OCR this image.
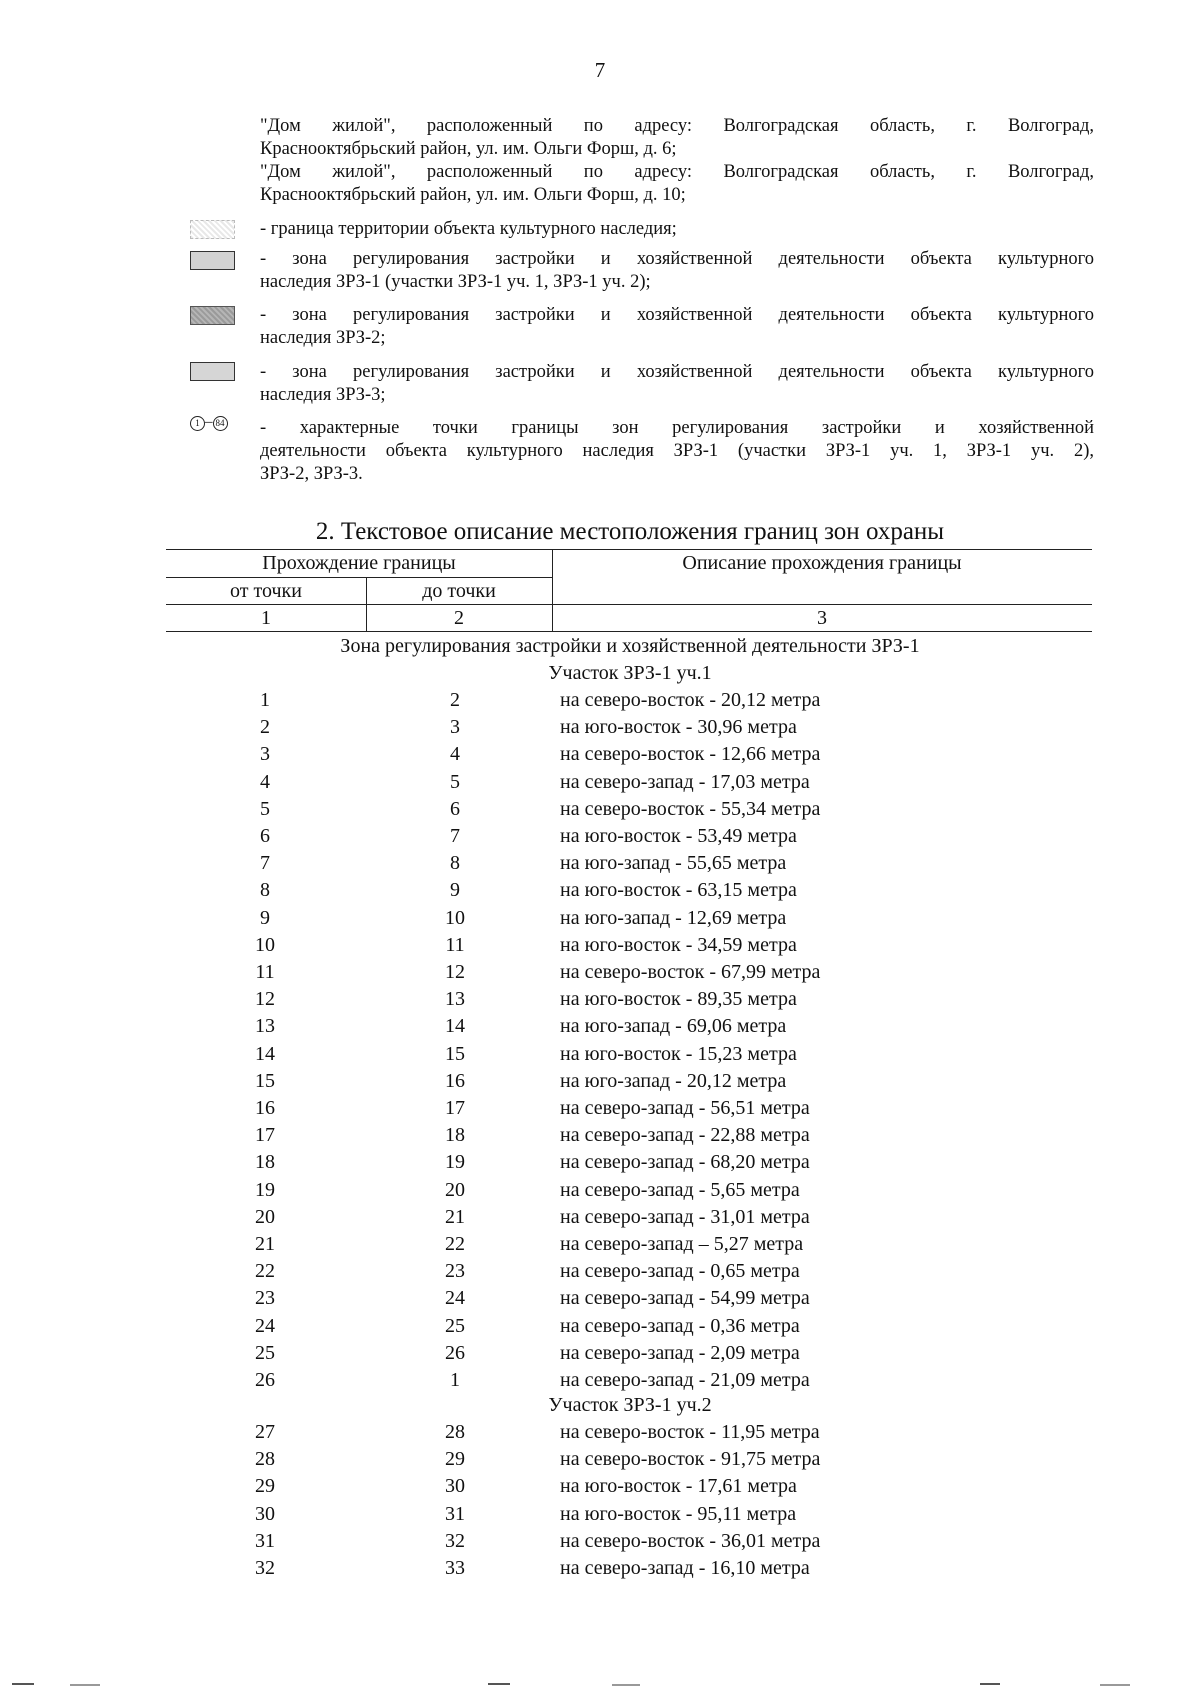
7
"Дом жилой", расположенный по адресу: Волгоградская область, г. Волгоград,
Краснооктябрьский район, ул. им. Ольги Форш, д. 6;
"Дом жилой", расположенный по адресу: Волгоградская область, г. Волгоград,
Краснооктябрьский район, ул. им. Ольги Форш, д. 10;
- граница территории объекта культурного наследия;
- зона регулирования застройки и хозяйственной деятельности объекта культурного
наследия ЗРЗ-1 (участки ЗРЗ-1 уч. 1, ЗРЗ-1 уч. 2);
- зона регулирования застройки и хозяйственной деятельности объекта культурного
наследия ЗРЗ-2;
- зона регулирования застройки и хозяйственной деятельности объекта культурного
наследия ЗРЗ-3;
1 – 84 - характерные точки границы зон регулирования застройки и хозяйственной
деятельности объекта культурного наследия ЗРЗ-1 (участки ЗРЗ-1 уч. 1, ЗРЗ-1 уч. 2),
ЗРЗ-2, ЗРЗ-3.
2. Текстовое описание местоположения границ зон охраны
Прохождение границы	Описание прохождения границы
от точки	до точки
1	2	3
Зона регулирования застройки и хозяйственной деятельности ЗРЗ-1
Участок ЗРЗ-1 уч.1
1	2	на северо-восток - 20,12 метра
2	3	на юго-восток - 30,96 метра
3	4	на северо-восток - 12,66 метра
4	5	на северо-запад - 17,03 метра
5	6	на северо-восток - 55,34 метра
6	7	на юго-восток - 53,49 метра
7	8	на юго-запад - 55,65 метра
8	9	на юго-восток - 63,15 метра
9	10	на юго-запад - 12,69 метра
10	11	на юго-восток - 34,59 метра
11	12	на северо-восток - 67,99 метра
12	13	на юго-восток - 89,35 метра
13	14	на юго-запад - 69,06 метра
14	15	на юго-восток - 15,23 метра
15	16	на юго-запад - 20,12 метра
16	17	на северо-запад - 56,51 метра
17	18	на северо-запад - 22,88 метра
18	19	на северо-запад - 68,20 метра
19	20	на северо-запад - 5,65 метра
20	21	на северо-запад - 31,01 метра
21	22	на северо-запад – 5,27 метра
22	23	на северо-запад - 0,65 метра
23	24	на северо-запад - 54,99 метра
24	25	на северо-запад - 0,36 метра
25	26	на северо-запад - 2,09 метра
26	1	на северо-запад - 21,09 метра
Участок ЗРЗ-1 уч.2
27	28	на северо-восток - 11,95 метра
28	29	на северо-восток - 91,75 метра
29	30	на юго-восток - 17,61 метра
30	31	на юго-восток - 95,11 метра
31	32	на северо-восток - 36,01 метра
32	33	на северо-запад - 16,10 метра
